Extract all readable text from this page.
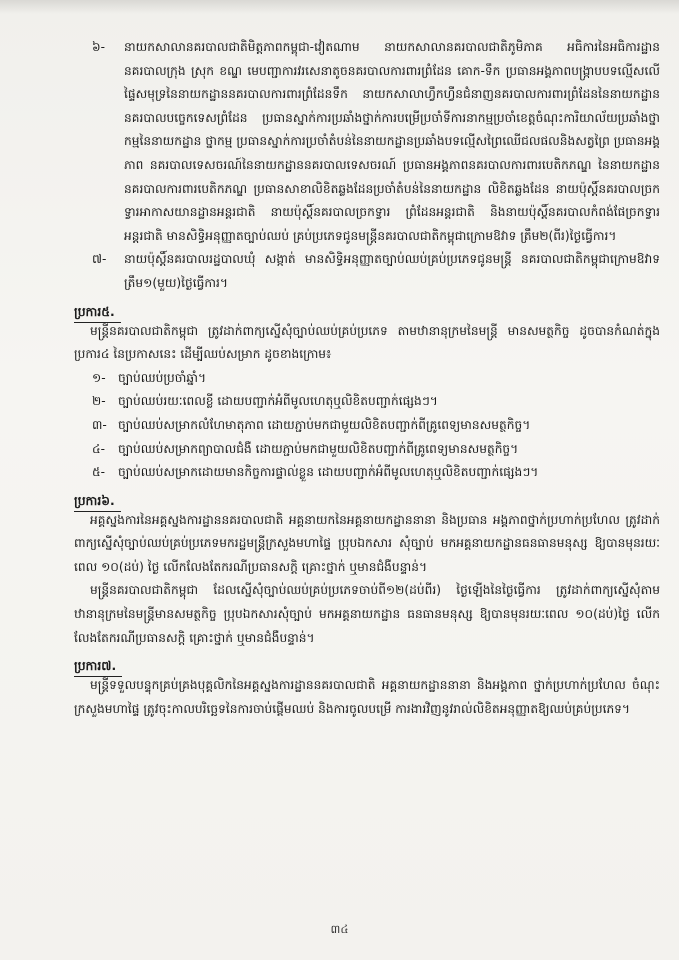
៦-	នាយកសាលានគរបាលជាតិមិត្តភាពកម្ពុជា-វៀតណាម នាយកសាលានគរបាលជាតិភូមិភាគ អធិការនៃអធិការដ្ឋាននគរបាលក្រុង ស្រុក ខណ្ឌ មេបញ្ជាការវរសេនាតូចនគរបាលការពារព្រំដែន គោក-ទឹក ប្រធានអង្គភាពបង្ក្រាបបទល្មើសលើផ្ទៃសមុទ្រនៃនាយកដ្ឋាននគរបាលការពារព្រំដែនទឹក នាយកសាលាហ្វឹកហ្វឺនជំនាញនគរបាលការពារព្រំដែននៃនាយកដ្ឋាននគរបាលបច្ចេកទេសព្រំដែន ប្រធានស្នាក់ការប្រឆាំងថ្នាក់ការបម្រើប្រចាំទីការនាកម្មប្រចាំខេត្តចំណុះការិយាល័យប្រឆាំងថ្នាកម្មនៃនាយកដ្ឋាន ថ្នាកម្ម ប្រធានស្នាក់ការប្រចាំតំបន់នៃនាយកដ្ឋានប្រឆាំងបទល្មើសព្រៃឈើជលផលនិងសត្វព្រៃ ប្រធានអង្គភាព នគរបាលទេសចរណ៍នៃនាយកដ្ឋាននគរបាលទេសចរណ៍ ប្រធានអង្គភាពនគរបាលការពារបេតិកភណ្ឌ នៃនាយកដ្ឋាននគរបាលការពារបេតិកភណ្ឌ ប្រធានសាខាលិខិតឆ្លងដែនប្រចាំតំបន់នៃនាយកដ្ឋាន លិខិតឆ្លងដែន នាយប៉ុស្តិ៍នគរបាលច្រកទ្វារអាកាសយានដ្ឋានអន្តរជាតិ នាយប៉ុស្តិ៍នគរបាលច្រកទ្វារ ព្រំដែនអន្តរជាតិ និងនាយប៉ុស្តិ៍នគរបាលកំពង់ផែច្រកទ្វារអន្តរជាតិ មានសិទ្ធិអនុញ្ញាតច្បាប់ឈប់ គ្រប់ប្រភេទជូនមន្ត្រីនគរបាលជាតិកម្ពុជាក្រោមឱវាទ ត្រឹម២(ពីរ)ថ្ងៃធ្វើការ។
៧-	នាយប៉ុស្តិ៍នគរបាលរដ្ឋបាលឃុំ សង្កាត់ មានសិទ្ធិអនុញ្ញាតច្បាប់ឈប់គ្រប់ប្រភេទជូនមន្ត្រី នគរបាលជាតិកម្ពុជាក្រោមឱវាទ ត្រឹម១(មួយ)ថ្ងៃធ្វើការ។
ប្រការ៥.
មន្ត្រីនគរបាលជាតិកម្ពុជា ត្រូវដាក់ពាក្យស្នើសុំច្បាប់ឈប់គ្រប់ប្រភេទ តាមឋានានុក្រមនៃមន្ត្រី មានសមត្ថកិច្ច ដូចបានកំណត់ក្នុងប្រការ៤ នៃប្រកាសនេះ ដើម្បីឈប់សម្រាក ដូចខាងក្រោម៖
១-	ច្បាប់ឈប់ប្រចាំឆ្នាំ។
២-	ច្បាប់ឈប់រយៈពេលខ្លី ដោយបញ្ជាក់អំពីមូលហេតុឬលិខិតបញ្ជាក់ផ្សេងៗ។
៣- ច្បាប់ឈប់សម្រាកលំហែមាតុភាព ដោយភ្ជាប់មកជាមួយលិខិតបញ្ជាក់ពីគ្រូពេទ្យមានសមត្ថកិច្ច។
៤-	ច្បាប់ឈប់សម្រាកព្យាបាលជំងឺ ដោយភ្ជាប់មកជាមួយលិខិតបញ្ជាក់ពីគ្រូពេទ្យមានសមត្ថកិច្ច។
៥-	ច្បាប់ឈប់សម្រាកដោយមានកិច្ចការផ្ទាល់ខ្លួន ដោយបញ្ជាក់អំពីមូលហេតុឬលិខិតបញ្ជាក់ផ្សេងៗ។
ប្រការ៦.
អគ្គស្នងការនៃអគ្គស្នងការដ្ឋាននគរបាលជាតិ អគ្គនាយកនៃអគ្គនាយកដ្ឋាននានា និងប្រធាន អង្គភាពថ្នាក់ប្រហាក់ប្រហែល ត្រូវដាក់ពាក្យស្នើសុំច្បាប់ឈប់គ្រប់ប្រភេទមករដ្ឋមន្ត្រីក្រសួងមហាផ្ទៃ ប្រុបឯកសារ សុំច្បាប់ មកអគ្គនាយកដ្ឋានធនធានមនុស្ស ឱ្យបានមុនរយៈពេល ១០(ដប់) ថ្ងៃ លើកលែងតែករណីប្រធានសក្តិ គ្រោះថ្នាក់ ឬមានជំងឺបន្ទាន់។
មន្ត្រីនគរបាលជាតិកម្ពុជា ដែលស្នើសុំច្បាប់ឈប់គ្រប់ប្រភេទចាប់ពី១២(ដប់ពីរ) ថ្ងៃឡើងនៃថ្ងៃធ្វើការ ត្រូវដាក់ពាក្យស្នើសុំតាមឋានានុក្រមនៃមន្ត្រីមានសមត្ថកិច្ច ប្រុបឯកសារសុំច្បាប់ មកអគ្គនាយកដ្ឋាន ធនធានមនុស្ស ឱ្យបានមុនរយៈពេល ១០(ដប់)ថ្ងៃ លើកលែងតែករណីប្រធានសក្តិ គ្រោះថ្នាក់ ឬមានជំងឺបន្ទាន់។
ប្រការ៧.
មន្ត្រីទទួលបន្ទុកគ្រប់គ្រងបុគ្គលិកនៃអគ្គស្នងការដ្ឋាននគរបាលជាតិ អគ្គនាយកដ្ឋាននានា និងអង្គភាព ថ្នាក់ប្រហាក់ប្រហែល ចំណុះក្រសួងមហាផ្ទៃ ត្រូវចុះកាលបរិច្ឆេទនៃការចាប់ផ្តើមឈប់ និងការចូលបម្រើ ការងារវិញនូវរាល់លិខិតអនុញ្ញាតឱ្យឈប់គ្រប់ប្រភេទ។
៣៤
